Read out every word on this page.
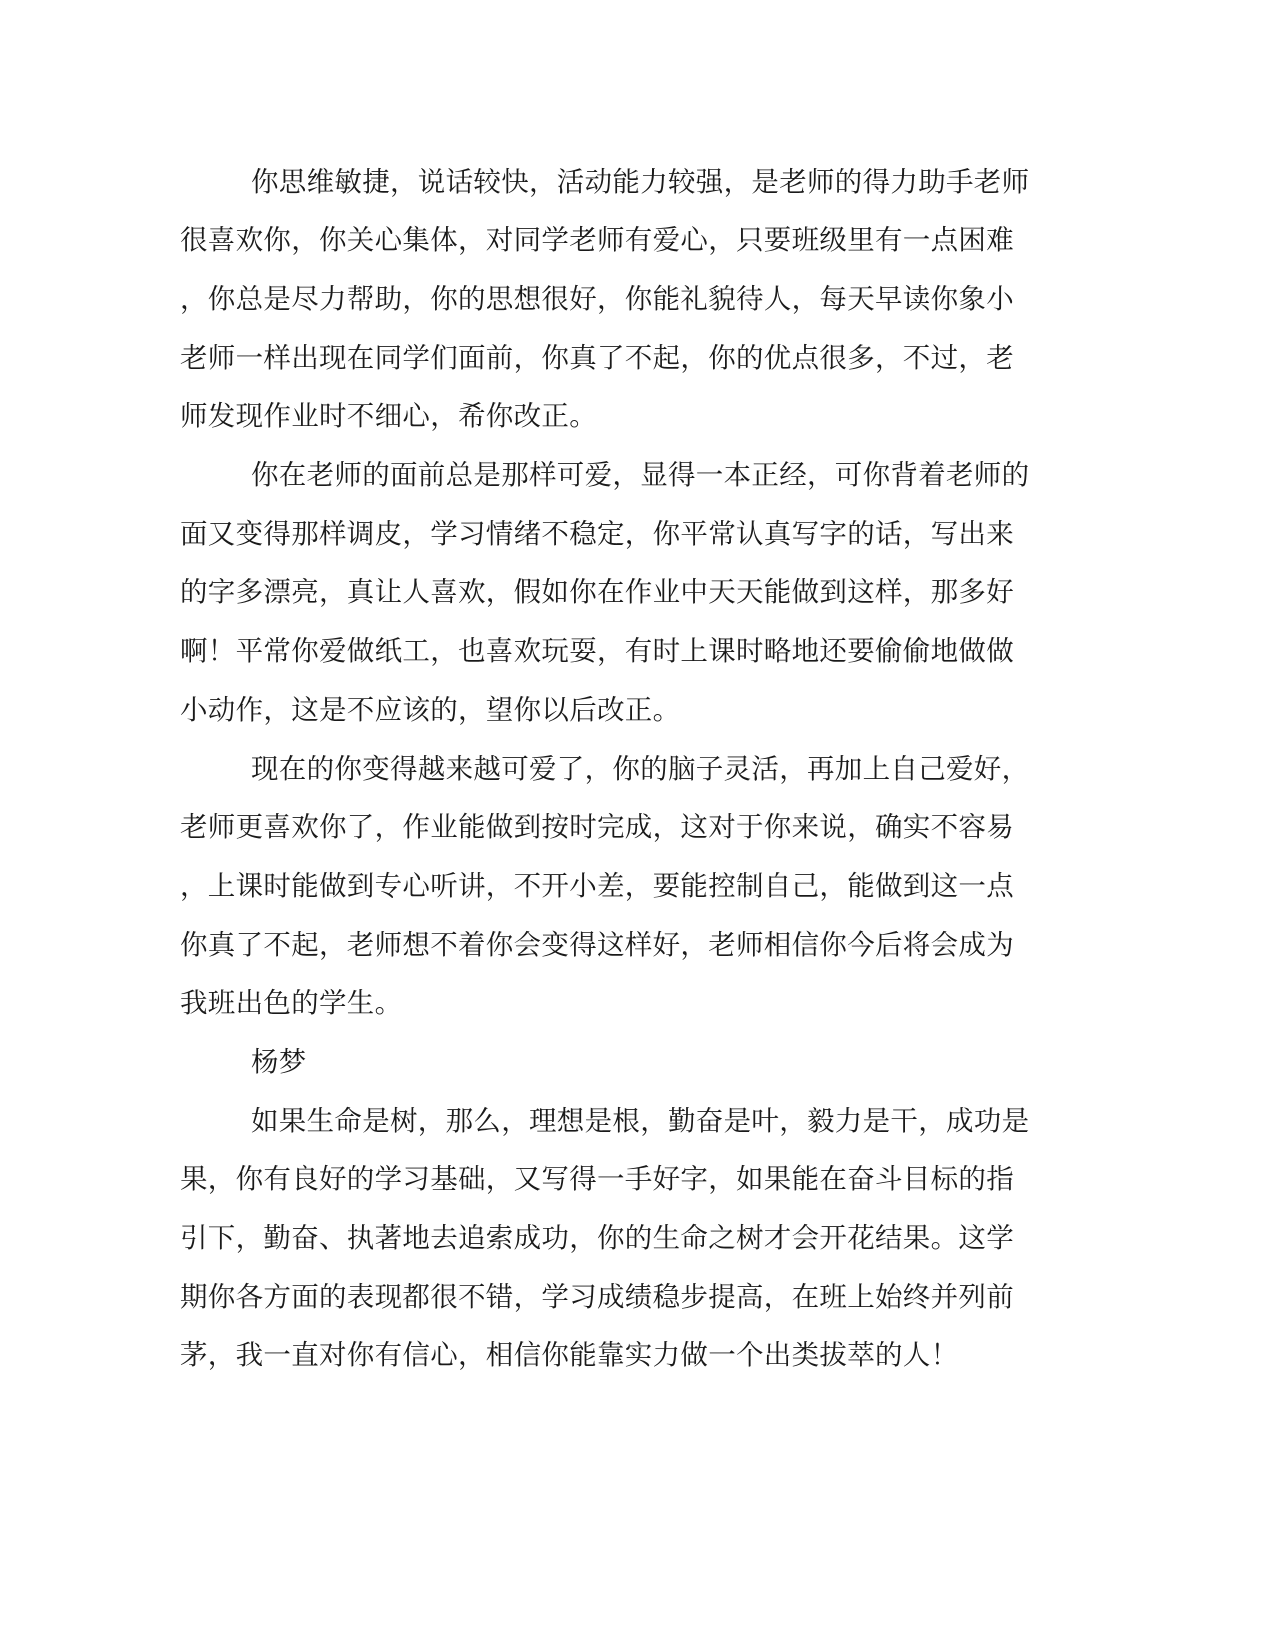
你思维敏捷，说话较快，活动能力较强，是老师的得力助手老师

很喜欢你，你关心集体，对同学老师有爱心，只要班级里有一点困难

，你总是尽力帮助，你的思想很好，你能礼貌待人，每天早读你象小

老师一样出现在同学们面前，你真了不起，你的优点很多，不过，老

师发现作业时不细心，希你改正。

你在老师的面前总是那样可爱，显得一本正经，可你背着老师的

面又变得那样调皮，学习情绪不稳定，你平常认真写字的话，写出来

的字多漂亮，真让人喜欢，假如你在作业中天天能做到这样，那多好

啊！平常你爱做纸工，也喜欢玩耍，有时上课时略地还要偷偷地做做

小动作，这是不应该的，望你以后改正。

现在的你变得越来越可爱了，你的脑子灵活，再加上自己爱好，

老师更喜欢你了，作业能做到按时完成，这对于你来说，确实不容易

，上课时能做到专心听讲，不开小差，要能控制自己，能做到这一点

你真了不起，老师想不着你会变得这样好，老师相信你今后将会成为

我班出色的学生。

杨梦

如果生命是树，那么，理想是根，勤奋是叶，毅力是干，成功是

果，你有良好的学习基础，又写得一手好字，如果能在奋斗目标的指

引下，勤奋、执著地去追索成功，你的生命之树才会开花结果。这学

期你各方面的表现都很不错，学习成绩稳步提高，在班上始终并列前

茅，我一直对你有信心，相信你能靠实力做一个出类拔萃的人！
